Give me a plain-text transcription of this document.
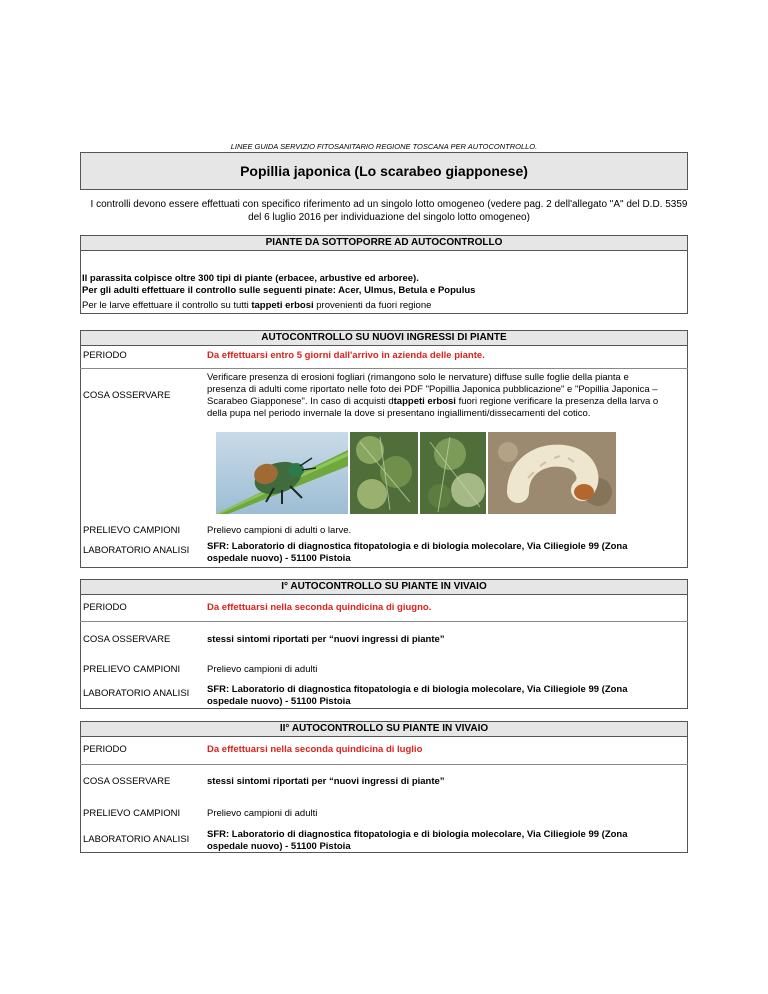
LINEE GUIDA SERVIZIO FITOSANITARIO REGIONE TOSCANA PER AUTOCONTROLLO.
Popillia japonica (Lo scarabeo giapponese)
I controlli devono essere effettuati con specifico riferimento ad un singolo lotto omogeneo (vedere pag. 2 dell'allegato "A" del D.D. 5359
del 6 luglio 2016 per individuazione del singolo lotto omogeneo)
PIANTE DA SOTTOPORRE AD AUTOCONTROLLO
Il parassita colpisce oltre 300 tipi di piante (erbacee, arbustive ed arboree).
Per gli adulti effettuare il controllo sulle seguenti pinate: Acer, Ulmus, Betula e Populus
Per le larve effettuare il controllo su tutti tappeti erbosi provenienti da fuori regione
AUTOCONTROLLO SU NUOVI INGRESSI DI PIANTE
PERIODO	Da effettuarsi entro 5 giorni dall'arrivo in azienda delle piante.
COSA OSSERVARE
Verificare presenza di erosioni fogliari (rimangono solo le nervature) diffuse sulle foglie della pianta e
presenza di adulti come riportato nelle foto dei PDF "Popillia Japonica pubblicazione" e "Popillia Japonica –
Scarabeo Giapponese". In caso di acquisti dtappeti erbosi fuori regione verificare la presenza della larva o
della pupa nel periodo invernale la dove si presentano ingiallimenti/dissecamenti del cotico.
PRELIEVO CAMPIONI	Prelievo campioni di adulti o larve.
LABORATORIO ANALISI SFR: Laboratorio di diagnostica fitopatologia e di biologia molecolare, Via Ciliegiole 99 (Zona
ospedale nuovo) - 51100 Pistoia
I° AUTOCONTROLLO SU PIANTE IN VIVAIO
PERIODO	Da effettuarsi nella seconda quindicina di giugno.
COSA OSSERVARE	stessi sintomi riportati per “nuovi ingressi di piante”
PRELIEVO CAMPIONI	Prelievo campioni di adulti
LABORATORIO ANALISI SFR: Laboratorio di diagnostica fitopatologia e di biologia molecolare, Via Ciliegiole 99 (Zona
ospedale nuovo) - 51100 Pistoia
II° AUTOCONTROLLO SU PIANTE IN VIVAIO
PERIODO	Da effettuarsi nella seconda quindicina di luglio
COSA OSSERVARE	stessi sintomi riportati per “nuovi ingressi di piante”
PRELIEVO CAMPIONI	Prelievo campioni di adulti
LABORATORIO ANALISI SFR: Laboratorio di diagnostica fitopatologia e di biologia molecolare, Via Ciliegiole 99 (Zona
ospedale nuovo) - 51100 Pistoia
